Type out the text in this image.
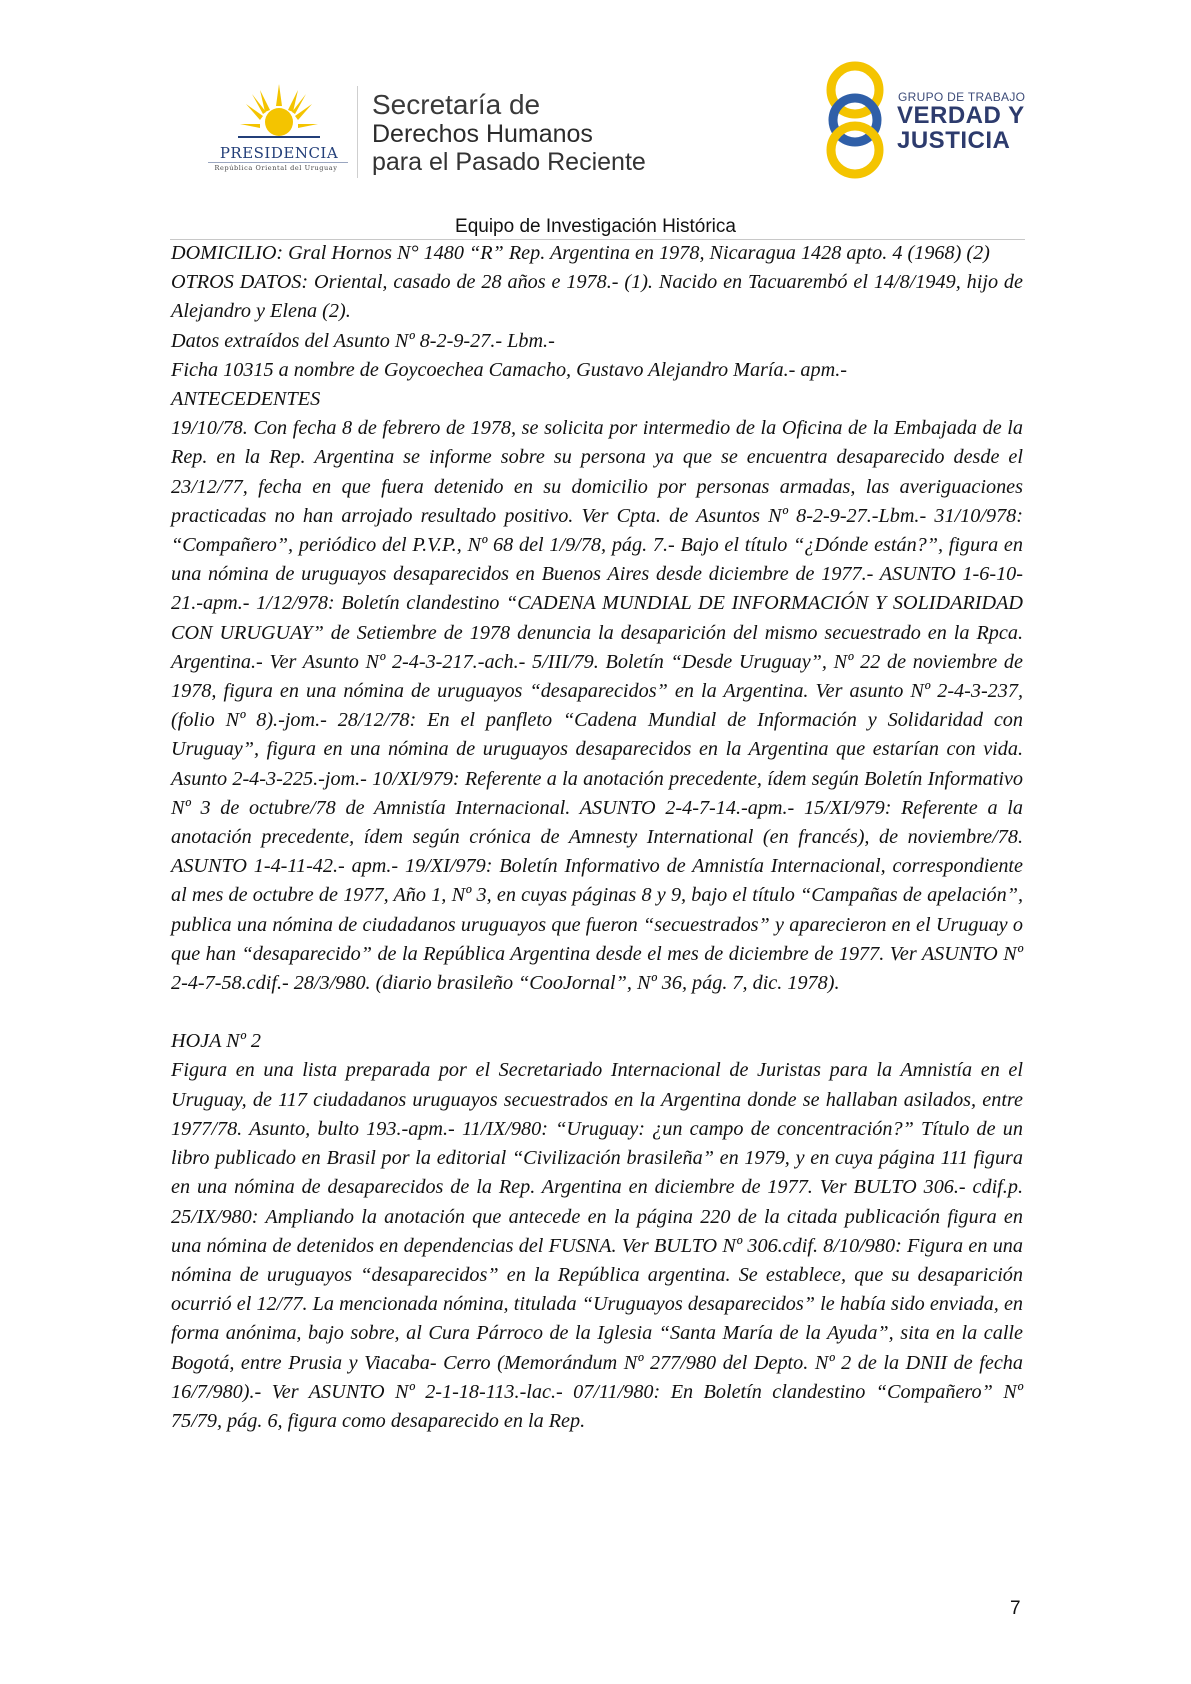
PRESIDENCIA
República Oriental del Uruguay
Secretaría de
Derechos Humanos
para el Pasado Reciente
GRUPO DE TRABAJO
VERDAD Y
JUSTICIA
Equipo de Investigación Histórica

DOMICILIO: Gral Hornos N° 1480 “R” Rep. Argentina en 1978, Nicaragua 1428 apto. 4 (1968) (2)

OTROS DATOS: Oriental, casado de 28 años e 1978.- (1). Nacido en Tacuarembó el 14/8/1949, hijo de Alejandro y Elena (2).

Datos extraídos del Asunto Nº 8-2-9-27.- Lbm.-

Ficha 10315 a nombre de Goycoechea Camacho, Gustavo Alejandro María.- apm.-

ANTECEDENTES

19/10/78. Con fecha 8 de febrero de 1978, se solicita por intermedio de la Oficina de la Embajada de la Rep. en la Rep. Argentina se informe sobre su persona ya que se encuentra desaparecido desde el 23/12/77, fecha en que fuera detenido en su domicilio por personas armadas, las averiguaciones practicadas no han arrojado resultado positivo. Ver Cpta. de Asuntos Nº 8-2-9-27.-Lbm.- 31/10/978: “Compañero”, periódico del P.V.P., Nº 68 del 1/9/78, pág. 7.- Bajo el título “¿Dónde están?”, figura en una nómina de uruguayos desaparecidos en Buenos Aires desde diciembre de 1977.- ASUNTO 1-6-10-21.-apm.- 1/12/978: Boletín clandestino “CADENA MUNDIAL DE INFORMACIÓN Y SOLIDARIDAD CON URUGUAY” de Setiembre de 1978 denuncia la desaparición del mismo secuestrado en la Rpca. Argentina.- Ver Asunto Nº 2-4-3-217.-ach.- 5/III/79. Boletín “Desde Uruguay”, Nº 22 de noviembre de 1978, figura en una nómina de uruguayos “desaparecidos” en la Argentina. Ver asunto Nº 2-4-3-237, (folio Nº 8).-jom.- 28/12/78: En el panfleto “Cadena Mundial de Información y Solidaridad con Uruguay”, figura en una nómina de uruguayos desaparecidos en la Argentina que estarían con vida. Asunto 2-4-3-225.-jom.- 10/XI/979: Referente a la anotación precedente, ídem según Boletín Informativo Nº 3 de octubre/78 de Amnistía Internacional. ASUNTO 2-4-7-14.-apm.- 15/XI/979: Referente a la anotación precedente, ídem según crónica de Amnesty International (en francés), de noviembre/78. ASUNTO 1-4-11-42.- apm.- 19/XI/979: Boletín Informativo de Amnistía Internacional, correspondiente al mes de octubre de 1977, Año 1, Nº 3, en cuyas páginas 8 y 9, bajo el título “Campañas de apelación”, publica una nómina de ciudadanos uruguayos que fueron “secuestrados” y aparecieron en el Uruguay o que han “desaparecido” de la República Argentina desde el mes de diciembre de 1977. Ver ASUNTO Nº 2-4-7-58.cdif.- 28/3/980. (diario brasileño “CooJornal”, Nº 36, pág. 7, dic. 1978).

HOJA Nº 2

Figura en una lista preparada por el Secretariado Internacional de Juristas para la Amnistía en el Uruguay, de 117 ciudadanos uruguayos secuestrados en la Argentina donde se hallaban asilados, entre 1977/78. Asunto, bulto 193.-apm.- 11/IX/980: “Uruguay: ¿un campo de concentración?” Título de un libro publicado en Brasil por la editorial “Civilización brasileña” en 1979, y en cuya página 111 figura en una nómina de desaparecidos de la Rep. Argentina en diciembre de 1977. Ver BULTO 306.- cdif.p. 25/IX/980: Ampliando la anotación que antecede en la página 220 de la citada publicación figura en una nómina de detenidos en dependencias del FUSNA. Ver BULTO Nº 306.cdif. 8/10/980: Figura en una nómina de uruguayos “desaparecidos” en la República argentina. Se establece, que su desaparición ocurrió el 12/77. La mencionada nómina, titulada “Uruguayos desaparecidos” le había sido enviada, en forma anónima, bajo sobre, al Cura Párroco de la Iglesia “Santa María de la Ayuda”, sita en la calle Bogotá, entre Prusia y Viacaba- Cerro (Memorándum Nº 277/980 del Depto. Nº 2 de la DNII de fecha 16/7/980).- Ver ASUNTO Nº 2-1-18-113.-lac.- 07/11/980: En Boletín clandestino “Compañero” Nº 75/79, pág. 6, figura como desaparecido en la Rep.

7
